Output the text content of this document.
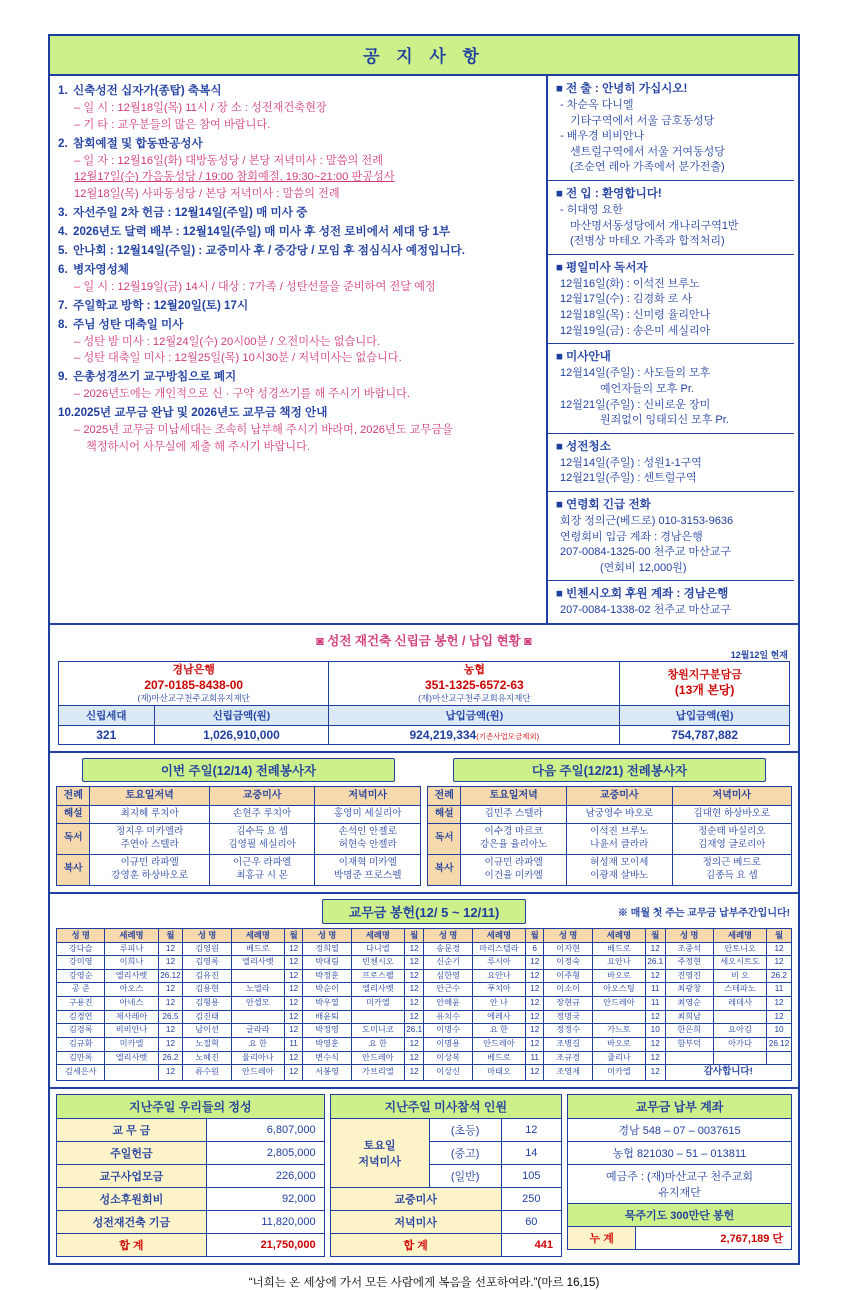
공 지 사 항
1. 신축성전 십자가(종탑) 축복식
– 일 시 : 12월18일(목) 11시 / 장 소 : 성전재건축현장
– 기 타 : 교우분들의 많은 참여 바랍니다.
2. 참회예절 및 합동판공성사
– 일 자 : 12월16일(화) 대방동성당 / 본당 저녁미사 : 말씀의 전례
12월17일(수) 가음동성당 / 19:00 참회예절, 19:30~21:00 판공성사
12월18일(목) 사파동성당 / 본당 저녁미사 : 말씀의 전례
3. 자선주일 2차 헌금 : 12월14일(주일) 매 미사 중
4. 2026년도 달력 배부 : 12월14일(주일) 매 미사 후 성전 로비에서 세대 당 1부
5. 안나회 : 12월14일(주일) : 교중미사 후 / 중강당 / 모임 후 점심식사 예정입니다.
6. 병자영성체
– 일 시 : 12월19일(금) 14시 / 대상 : 7가족 / 성탄선물을 준비하여 전달 예정
7. 주일학교 방학 : 12월20일(토) 17시
8. 주님 성탄 대축일 미사
– 성탄 밤 미사 : 12월24일(수) 20시00분 / 오전미사는 없습니다.
– 성탄 대축일 미사 : 12월25일(목) 10시30분 / 저녁미사는 없습니다.
9. 은총성경쓰기 교구방침으로 폐지
– 2026년도에는 개인적으로 신 · 구약 성경쓰기를 해 주시기 바랍니다.
10.2025년 교무금 완납 및 2026년도 교무금 책정 안내
– 2025년 교무금 미납세대는 조속히 납부해 주시기 바라며, 2026년도 교무금을
책정하시어 사무실에 제출 해 주시기 바랍니다.
■ 전 출 : 안녕히 가십시오!
- 차순옥 다니엘
기타구역에서 서울 금호동성당
- 배우경 비비안나
센트럴구역에서 서울 거여동성당
(조순연 레아 가족에서 분가전출)
■ 전 입 : 환영합니다!
- 허대영 요한
마산명서동성당에서 개나리구역1반
(전병상 마테오 가족과 합적처리)
■ 평일미사 독서자
12월16일(화) : 이석진 브루노
12월17일(수) : 김경화 로 사
12월18일(목) : 신미령 율리안나
12월19일(금) : 송은미 세실리아
■ 미사안내
12월14일(주일) : 사도들의 모후
예언자들의 모후 Pr.
12월21일(주일) : 신비로운 장미
원죄없이 잉태되신 모후 Pr.
■ 성전청소
12월14일(주일) : 성원1-1구역
12월21일(주일) : 센트럴구역
■ 연령회 긴급 전화
회장 정의근(베드로) 010-3153-9636
연령회비 입금 계좌 : 경남은행
207-0084-1325-00 천주교 마산교구
(연회비 12,000원)
■ 빈첸시오회 후원 계좌 : 경남은행
207-0084-1338-02 천주교 마산교구
◙ 성전 재건축 신립금 봉헌 / 납입 현황 ◙
12월12일 현재
경남은행
207-0185-8438-00
(재)마산교구천주교회유지재단

농협
351-1325-6572-63
(재)마산교구천주교회유지재단

창원지구분담금
(13개 본당)

신립세대	신립금액(원)	납입금액(원)	납입금액(원)
321	1,026,910,000	924,219,334(기존사업모금제외)	754,787,882
이번 주일(12/14) 전례봉사자
전례	토요일저녁	교중미사	저녁미사
해설	최지혜 루치아	손현주 루치아	홍영미 세실리아

독서	
정지우 미카엘라
주연아 스텔라

김수득 요 셉
김영필 세실리아

손석인 안젤로
허현숙 안젤라

복사	
이규민 라파엘
강영훈 하상바오로

이근우 라파엘
최홍규 시 몬

이재혁 미카엘
박명준 프로스펠
다음 주일(12/21) 전례봉사자
전례	토요일저녁	교중미사	저녁미사
해설	김민주 스텔라	남궁영수 바오로	김대현 하상바오로

독서	
이수경 마르코
강은율 율리아노

이석진 브루노
나윤서 클라라

정순태 바실리오
김재영 글로리아

복사	
이규민 라파엘
이건율 미카엘

허성재 모이세
이광재 살바노

정의근 베드로
김종득 요 셉
교무금 봉헌(12/ 5 ~ 12/11)	※ 매월 첫 주는 교무금 납부주간입니다!
성 명	세례명	월	성 명	세례명	월	성 명	세례명	월	성 명	세례명	월	성 명	세례명	월	성 명	세례명	월
강다슬	루피나	12	김영원	베드로	12	정희열	다니엘	12	송문경	마리스텔라	6	이자현	베드로	12	조중석	안토니오	12
강미영	이희나	12	김영록	엘리사벳	12	박대림	빈첸시오	12	신순기	루시아	12	이정숙	요안나	26.1	주정현	세오시트도	12
강영순	엘리사벳	26.12	김유진		12	박정훈	프로스펠	12	심한영	요안나	12	이주형	바오로	12	진영진	비 오	26.2
공 준	아오스	12	김용현	노엘라	12	박순이	엘리사벳	12	안근수	푸치아	12	이소이	아오스팅	11	최광창	스테파노	11
구용진	아네스	12	김형용	안셀모	12	박우열	미카엘	12	안해윤	안 나	12	장현규	안드레아	11	최영순	레데사	12
김경연	제사레아	26.5	김진태		12	배윤퇴		12	유치수	에레사	12	정명국		12	최희남		12
김경록	비비안나	12	남이선	글라라	12	박정영	도미니코	26.1	이명수	요 한	12	정정수	가느토	10	한은희	요아김	10
김규화	미카엘	12	노절혁	요 한	11	박영훈	요 한	12	이명용	안드레아	12	조병길	바오로	12	함부덕	아가다	26.12
김만록	엘리사벳	26.2	노헤진	율리아나	12	변수식	안드레아	12	이상복	베드로	11	조규경	쥴리나	12			
김세은사		12	류수원	안드레아	12	서봉영	가브리엘	12	이상신	마태오	12	조영제	미카엘	12	감사합니다!		
지난주일 우리들의 정성	
교 무 금	6,807,000
주일헌금	2,805,000
교구사업모금	226,000
성소후원회비	92,000
성전재건축 기금	11,820,000
합 계	21,750,000
지난주일 미사참석 인원		

토요일
저녁미사	(초등)	12
	(중고)	14
	(일반)	105
교중미사		250
저녁미사		60
합 계		441
교무금 납부 계좌

경남 548 – 07 – 0037615

농협 821030 – 51 – 013811

예금주 : (재)마산교구 천주교회
유지재단

묵주기도 300만단 봉헌
누 계	2,767,189 단
“너희는 온 세상에 가서 모든 사람에게 복음을 선포하여라.”(마르 16,15)
